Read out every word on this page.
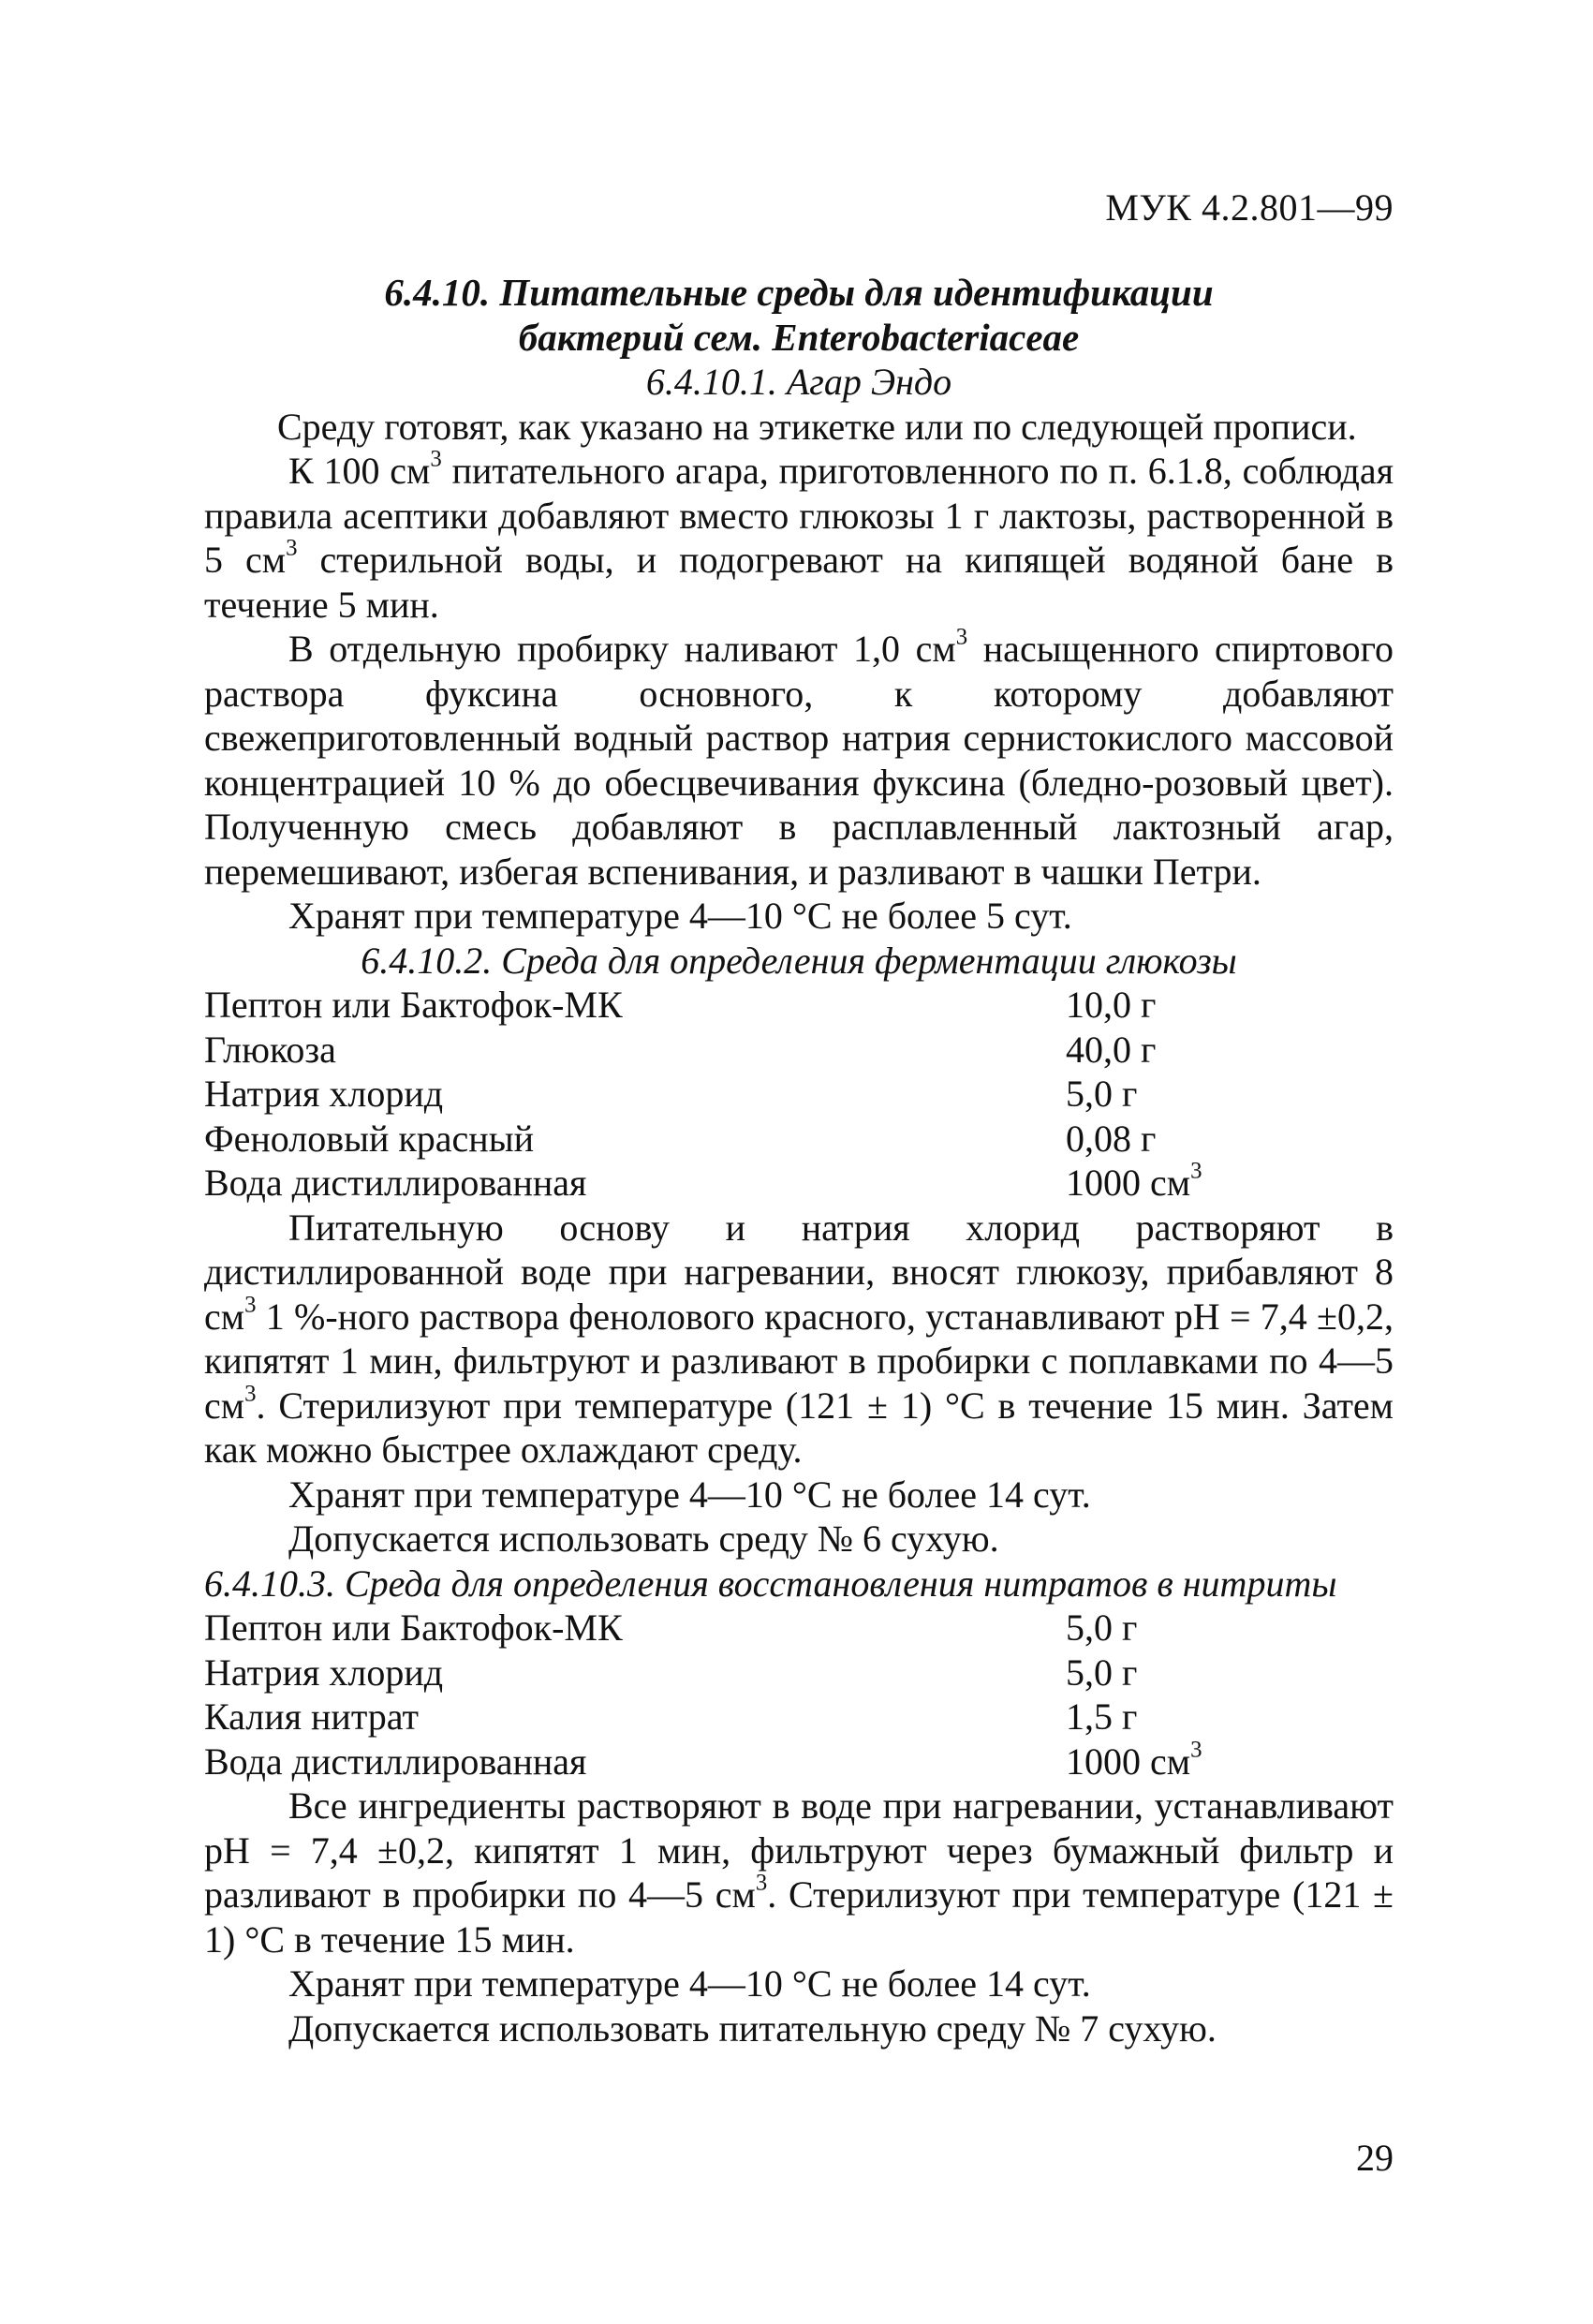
МУК 4.2.801—99

6.4.10. Питательные среды для идентификации

бактерий сем. Enterobacteriaceae

6.4.10.1. Агар Эндо

Среду готовят, как указано на этикетке или по следующей прописи.

К 100 $см^3$ питательного агара, приготовленного по п. 6.1.8, соблюдая правила асептики добавляют вместо глюкозы 1 г лактозы, растворенной в 5 $см^3$ стерильной воды, и подогревают на кипящей водяной бане в течение 5 мин.

В отдельную пробирку наливают 1,0 $см^3$ насыщенного спиртового раствора фуксина основного, к которому добавляют свежеприготовленный водный раствор натрия сернистокислого массовой концентрацией 10 % до обесцвечивания фуксина (бледно-розовый цвет). Полученную смесь добавляют в расплавленный лактозный агар, перемешивают, избегая вспенивания, и разливают в чашки Петри.

Хранят при температуре 4—10 °С не более 5 сут.

6.4.10.2. Среда для определения ферментации глюкозы

Пептон или Бактофок-МК	10,0 г
Глюкоза	40,0 г
Натрия хлорид	5,0 г
Феноловый красный	0,08 г
Вода дистиллированная	1000 $см^3$

Питательную основу и натрия хлорид растворяют в дистиллированной воде при нагревании, вносят глюкозу, прибавляют 8 $см^3$ 1 %-ного раствора фенолового красного, устанавливают pH = 7,4 ±0,2, кипятят 1 мин, фильтруют и разливают в пробирки с поплавками по 4—5 $см^3$. Стерилизуют при температуре (121 ± 1) °С в течение 15 мин. Затем как можно быстрее охлаждают среду.

Хранят при температуре 4—10 °С не более 14 сут.

Допускается использовать среду № 6 сухую.

6.4.10.3. Среда для определения восстановления нитратов в нитриты

Пептон или Бактофок-МК	5,0 г
Натрия хлорид	5,0 г
Калия нитрат	1,5 г
Вода дистиллированная	1000 $см^3$

Все ингредиенты растворяют в воде при нагревании, устанавливают pH = 7,4 ±0,2, кипятят 1 мин, фильтруют через бумажный фильтр и разливают в пробирки по 4—5 $см^3$. Стерилизуют при температуре (121 ± 1) °С в течение 15 мин.

Хранят при температуре 4—10 °С не более 14 сут.

Допускается использовать питательную среду № 7 сухую.

29
